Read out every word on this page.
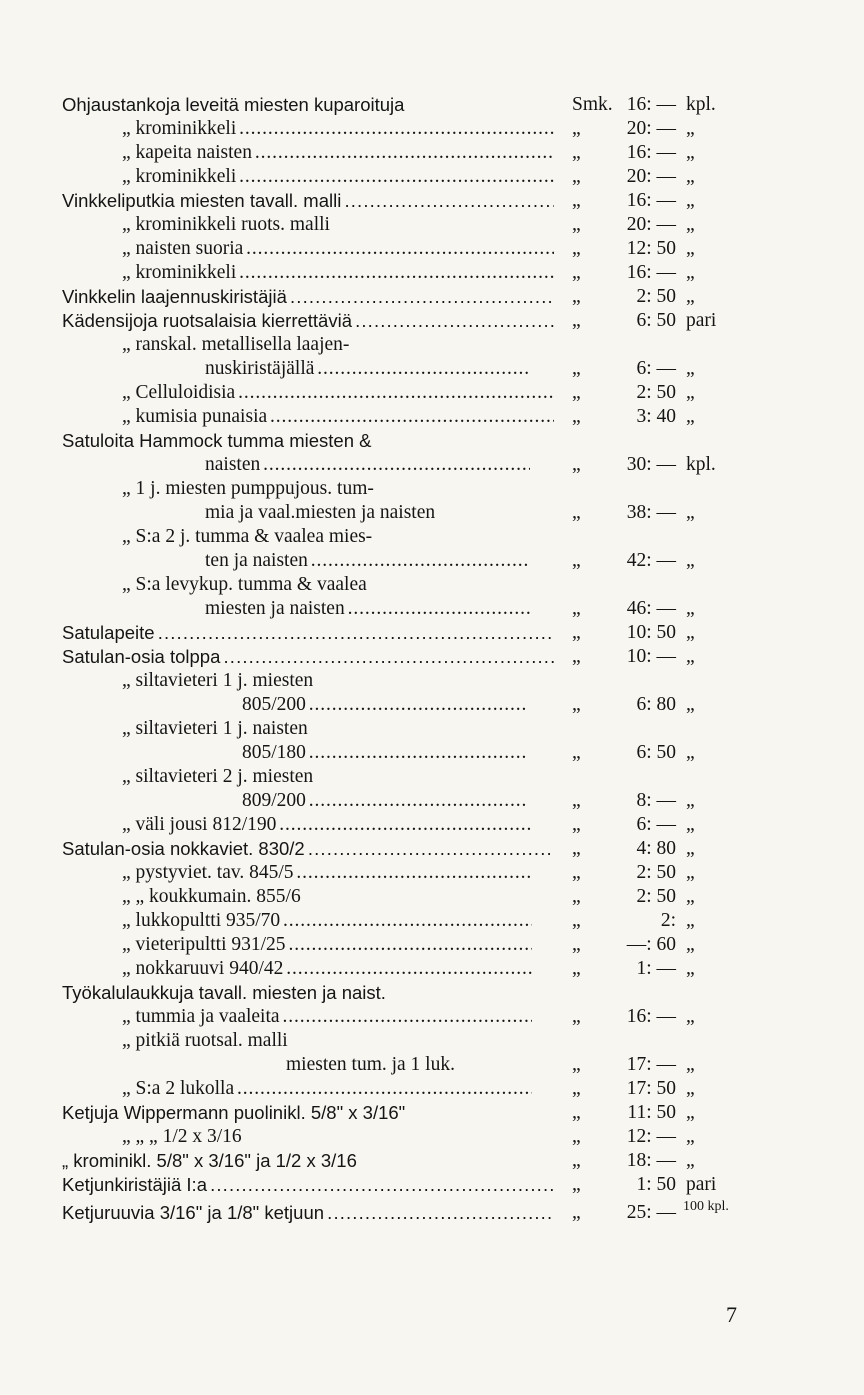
Ohjaustankoja leveitä miesten kuparoituja	Smk. 16: — kpl.
„ krominikkeli . . .	„	20: — „
„ kapeita naisten . . .	„	16: — „
„ krominikkeli . . .	„	20: — „
Vinkkeliputkia miesten tavall. malli . . .	„	16: — „
„ krominikkeli ruots. malli	„	20: — „
„ naisten suoria . . .	„	12: 50 „
„ krominikkeli . . .	„	16: — „
Vinkkelin laajennuskiristäjiä . . .	„	2: 50 „
Kädensijoja ruotsalaisia kierrettäviä . . .	„	6: 50 pari
„ ranskal. metallisella laajen-
nuskiristäjällä . . .	„	6: — „
„ Celluloidisia . . .	„	2: 50 „
„ kumisia punaisia . . .	„	3: 40 „
Satuloita Hammock tumma miesten &
naisten . . .	„	30: — kpl.
„ 1 j. miesten pumppujous. tum-
mia ja vaal.miesten ja naisten	„	38: — „
„ S:a 2 j. tumma & vaalea mies-
ten ja naisten . . .	„	42: — „
„ S:a levykup. tumma & vaalea
miesten ja naisten . . .	„	46: — „
Satulapeite . . .	„	10: 50 „
Satulan-osia tolppa . . .	„	10: — „
„ siltavieteri 1 j. miesten
805/200 . . .	„	6: 80 „
„ siltavieteri 1 j. naisten
805/180 . . .	„	6: 50 „
„ siltavieteri 2 j. miesten
809/200 . . .	„	8: — „
„ väli jousi 812/190 . . .	„	6: — „
Satulan-osia nokkaviet. 830/2 . . .	„	4: 80 „
„ pystyviet. tav. 845/5 . . .	„	2: 50 „
„ „ koukkumain. 855/6	„	2: 50 „
„ lukkopultti 935/70 . . .	„	2: „
„ vieteripultti 931/25 . . .	„	—: 60 „
„ nokkaruuvi 940/42 . . .	„	1: — „
Työkalulaukkuja tavall. miesten ja naist.
„ tummia ja vaaleita . . .	„	16: — „
„ pitkiä ruotsal. malli
miesten tum. ja 1 luk.	„	17: — „
„ S:a 2 lukolla . . .	„	17: 50 „
Ketjuja Wippermann puolinikl. 5/8" x 3/16"	„	11: 50 „
„ „ „ 1/2 x 3/16	„	12: — „
„ krominikl. 5/8" x 3/16" ja 1/2 x 3/16	„	18: — „
Ketjunkiristäjiä I:a . . .	„	1: 50 pari
Ketjuruuvia 3/16" ja 1/8" ketjuun . . .	„	25: — 100 kpl.
7
